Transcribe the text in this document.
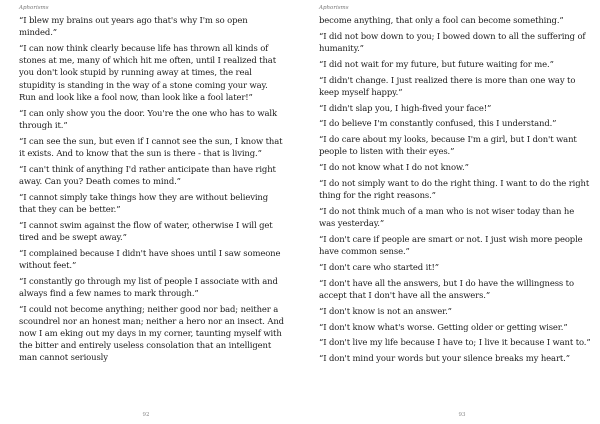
Aphorisms

“I blew my brains out years ago that's why I'm so open minded.”

“I can now think clearly because life has thrown all kinds of stones at me, many of which hit me often, until I realized that you don't look stupid by running away at times, the real stupidity is standing in the way of a stone coming your way. Run and look like a fool now, than look like a fool later!”

“I can only show you the door. You're the one who has to walk through it.”

“I can see the sun, but even if I cannot see the sun, I know that it exists. And to know that the sun is there - that is living.”

“I can't think of anything I'd rather anticipate than have right away. Can you? Death comes to mind.”

“I cannot simply take things how they are without believing that they can be better.”

“I cannot swim against the flow of water, otherwise I will get tired and be swept away.”

“I complained because I didn't have shoes until I saw someone without feet.”

“I constantly go through my list of people I associate with and always find a few names to mark through.”

“I could not become anything; neither good nor bad; neither a scoundrel nor an honest man; neither a hero nor an insect. And now I am eking out my days in my corner, taunting myself with the bitter and entirely useless consolation that an intelligent man cannot seriously

92
Aphorisms

become anything, that only a fool can become something.”

“I did not bow down to you; I bowed down to all the suffering of humanity.”

“I did not wait for my future, but future waiting for me.”

“I didn't change. I just realized there is more than one way to keep myself happy.”

“I didn't slap you, I high-fived your face!”

“I do believe I'm constantly confused, this I understand.”

“I do care about my looks, because I'm a girl, but I don't want people to listen with their eyes.”

“I do not know what I do not know.”

“I do not simply want to do the right thing. I want to do the right thing for the right reasons.”

“I do not think much of a man who is not wiser today than he was yesterday.”

“I don't care if people are smart or not. I just wish more people have common sense.”

“I don't care who started it!”

“I don't have all the answers, but I do have the willingness to accept that I don't have all the answers.”

“I don't know is not an answer.”

“I don't know what's worse. Getting older or getting wiser.”

“I don't live my life because I have to; I live it because I want to.”

“I don't mind your words but your silence breaks my heart.”

93
